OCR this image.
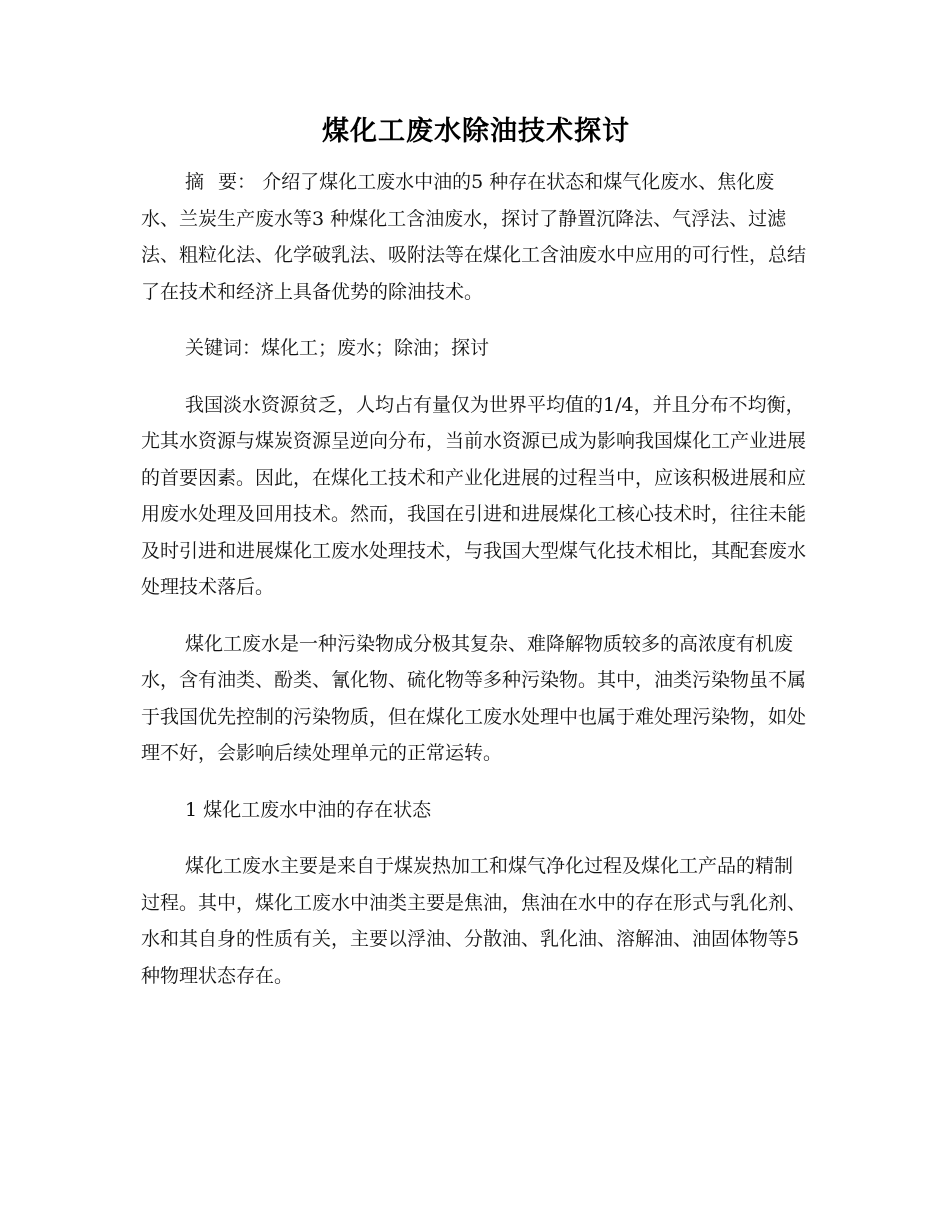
煤化工废水除油技术探讨

摘 要： 介绍了煤化工废水中油的5 种存在状态和煤气化废水、焦化废水、兰炭生产废水等3 种煤化工含油废水，探讨了静置沉降法、气浮法、过滤法、粗粒化法、化学破乳法、吸附法等在煤化工含油废水中应用的可行性，总结了在技术和经济上具备优势的除油技术。

关键词：煤化工；废水；除油；探讨

我国淡水资源贫乏，人均占有量仅为世界平均值的1/4，并且分布不均衡，尤其水资源与煤炭资源呈逆向分布，当前水资源已成为影响我国煤化工产业进展的首要因素。因此，在煤化工技术和产业化进展的过程当中，应该积极进展和应用废水处理及回用技术。然而，我国在引进和进展煤化工核心技术时，往往未能及时引进和进展煤化工废水处理技术，与我国大型煤气化技术相比，其配套废水处理技术落后。

煤化工废水是一种污染物成分极其复杂、难降解物质较多的高浓度有机废水，含有油类、酚类、氰化物、硫化物等多种污染物。其中，油类污染物虽不属于我国优先控制的污染物质，但在煤化工废水处理中也属于难处理污染物，如处理不好，会影响后续处理单元的正常运转。

1 煤化工废水中油的存在状态

煤化工废水主要是来自于煤炭热加工和煤气净化过程及煤化工产品的精制过程。其中，煤化工废水中油类主要是焦油，焦油在水中的存在形式与乳化剂、水和其自身的性质有关，主要以浮油、分散油、乳化油、溶解油、油固体物等5 种物理状态存在。
